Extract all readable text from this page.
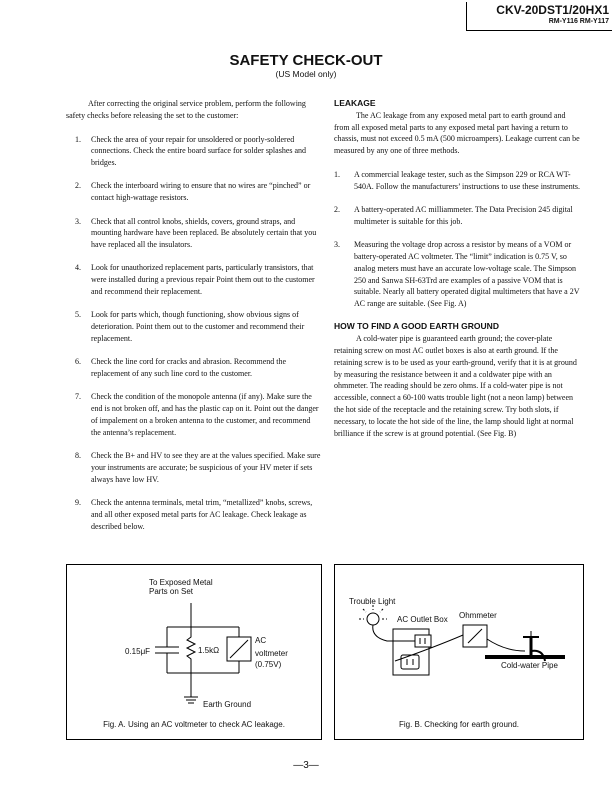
CKV-20DST1/20HX1
RM-Y116 RM-Y117
SAFETY CHECK-OUT
(US Model only)

After correcting the original service problem, perform the following safety checks before releasing the set to the customer:

1. Check the area of your repair for unsoldered or poorly-soldered connections. Check the entire board surface for solder splashes and bridges.
2. Check the interboard wiring to ensure that no wires are “pinched” or contact high-wattage resistors.
3. Check that all control knobs, shields, covers, ground straps, and mounting hardware have been replaced. Be absolutely certain that you have replaced all the insulators.
4. Look for unauthorized replacement parts, particularly transistors, that were installed during a previous repair Point them out to the customer and recommend their replacement.
5. Look for parts which, though functioning, show obvious signs of deterioration. Point them out to the customer and recommend their replacement.
6. Check the line cord for cracks and abrasion. Recommend the replacement of any such line cord to the customer.
7. Check the condition of the monopole antenna (if any). Make sure the end is not broken off, and has the plastic cap on it. Point out the danger of impalement on a broken antenna to the customer, and recommend the antenna’s replacement.
8. Check the B+ and HV to see they are at the values specified. Make sure your instruments are accurate; be suspicious of your HV meter if sets always have low HV.
9. Check the antenna terminals, metal trim, “metallized” knobs, screws, and all other exposed metal parts for AC leakage. Check leakage as described below.

LEAKAGE

The AC leakage from any exposed metal part to earth ground and from all exposed metal parts to any exposed metal part having a return to chassis, must not exceed 0.5 mA (500 microampers). Leakage current can be measured by any one of three methods.

1. A commercial leakage tester, such as the Simpson 229 or RCA WT-540A. Follow the manufacturers’ instructions to use these instruments.
2. A battery-operated AC milliammeter. The Data Precision 245 digital multimeter is suitable for this job.
3. Measuring the voltage drop across a resistor by means of a VOM or battery-operated AC voltmeter. The “limit” indication is 0.75 V, so analog meters must have an accurate low-voltage scale. The Simpson 250 and Sanwa SH-63Trd are examples of a passive VOM that is suitable. Nearly all battery operated digital multimeters that have a 2V AC range are suitable. (See Fig. A)

HOW TO FIND A GOOD EARTH GROUND

A cold-water pipe is guaranteed earth ground; the cover-plate retaining screw on most AC outlet boxes is also at earth ground. If the retaining screw is to be used as your earth-ground, verify that it is at ground by measuring the resistance between it and a coldwater pipe with an ohmmeter. The reading should be zero ohms. If a cold-water pipe is not accessible, connect a 60-100 watts trouble light (not a neon lamp) between the hot side of the receptacle and the retaining screw. Try both slots, if necessary, to locate the hot side of the line, the lamp should light at normal brilliance if the screw is at ground potential. (See Fig. B)

To Exposed Metal
Parts on Set
0.15μF	1.5kΩ
AC
voltmeter
(0.75V)
Earth Ground
Fig. A. Using an AC voltmeter to check AC leakage.
Trouble Light
AC Outlet Box Ohmmeter
Cold-water Pipe
Fig. B. Checking for earth ground.
—3—
